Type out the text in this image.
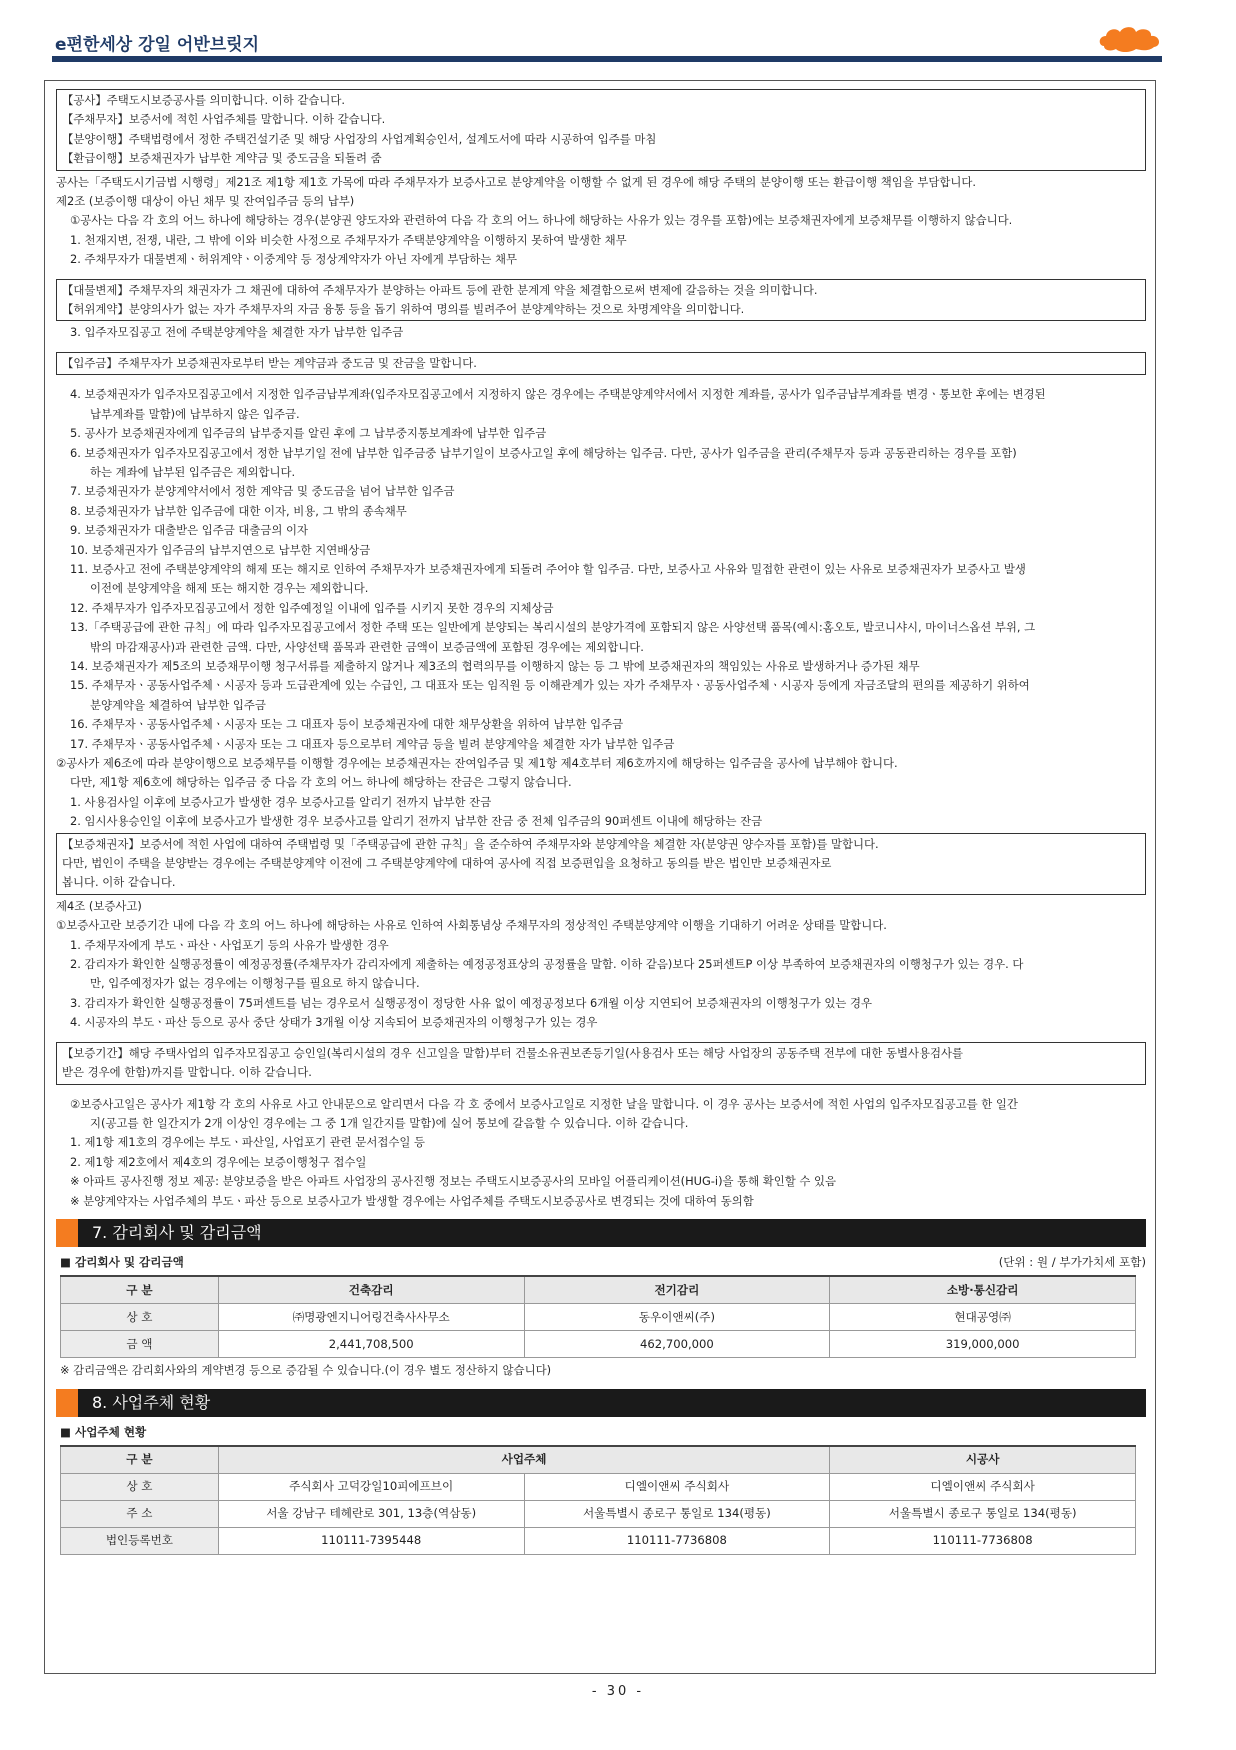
e편한세상 강일 어반브릿지
【공사】주택도시보증공사를 의미합니다. 이하 같습니다.
【주채무자】보증서에 적힌 사업주체를 말합니다. 이하 같습니다.
【분양이행】주택법령에서 정한 주택건설기준 및 해당 사업장의 사업계획승인서, 설계도서에 따라 시공하여 입주를 마침
【환급이행】보증채권자가 납부한 계약금 및 중도금을 되돌려 줌
공사는「주택도시기금법 시행령」제21조 제1항 제1호 가목에 따라 주채무자가 보증사고로 분양계약을 이행할 수 없게 된 경우에 해당 주택의 분양이행 또는 환급이행 책임을 부담합니다.
제2조 (보증이행 대상이 아닌 채무 및 잔여입주금 등의 납부)
①공사는 다음 각 호의 어느 하나에 해당하는 경우(분양권 양도자와 관련하여 다음 각 호의 어느 하나에 해당하는 사유가 있는 경우를 포함)에는 보증채권자에게 보증채무를 이행하지 않습니다.
1. 천재지변, 전쟁, 내란, 그 밖에 이와 비슷한 사정으로 주채무자가 주택분양계약을 이행하지 못하여 발생한 채무
2. 주채무자가 대물변제ㆍ허위계약ㆍ이중계약 등 정상계약자가 아닌 자에게 부담하는 채무
【대물변제】주채무자의 채권자가 그 채권에 대하여 주채무자가 분양하는 아파트 등에 관한 분계계 약을 체결함으로써 변제에 갈음하는 것을 의미합니다.
【허위계약】분양의사가 없는 자가 주채무자의 자금 융통 등을 돕기 위하여 명의를 빌려주어 분양계약하는 것으로 차명계약을 의미합니다.
3. 입주자모집공고 전에 주택분양계약을 체결한 자가 납부한 입주금
【입주금】주채무자가 보증채권자로부터 받는 계약금과 중도금 및 잔금을 말합니다.
4. 보증채권자가 입주자모집공고에서 지정한 입주금납부계좌(입주자모집공고에서 지정하지 않은 경우에는 주택분양계약서에서 지정한 계좌를, 공사가 입주금납부계좌를 변경ㆍ통보한 후에는 변경된
납부계좌를 말함)에 납부하지 않은 입주금.
5. 공사가 보증채권자에게 입주금의 납부중지를 알린 후에 그 납부중지통보계좌에 납부한 입주금
6. 보증채권자가 입주자모집공고에서 정한 납부기일 전에 납부한 입주금중 납부기일이 보증사고일 후에 해당하는 입주금. 다만, 공사가 입주금을 관리(주채무자 등과 공동관리하는 경우를 포함)
하는 계좌에 납부된 입주금은 제외합니다.
7. 보증채권자가 분양계약서에서 정한 계약금 및 중도금을 넘어 납부한 입주금
8. 보증채권자가 납부한 입주금에 대한 이자, 비용, 그 밖의 종속채무
9. 보증채권자가 대출받은 입주금 대출금의 이자
10. 보증채권자가 입주금의 납부지연으로 납부한 지연배상금
11. 보증사고 전에 주택분양계약의 해제 또는 해지로 인하여 주채무자가 보증채권자에게 되돌려 주어야 할 입주금. 다만, 보증사고 사유와 밀접한 관련이 있는 사유로 보증채권자가 보증사고 발생
이전에 분양계약을 해제 또는 해지한 경우는 제외합니다.
12. 주채무자가 입주자모집공고에서 정한 입주예정일 이내에 입주를 시키지 못한 경우의 지체상금
13.「주택공급에 관한 규칙」에 따라 입주자모집공고에서 정한 주택 또는 일반에게 분양되는 복리시설의 분양가격에 포함되지 않은 사양선택 품목(예시:홈오토, 발코니샤시, 마이너스옵션 부위, 그
밖의 마감재공사)과 관련한 금액. 다만, 사양선택 품목과 관련한 금액이 보증금액에 포함된 경우에는 제외합니다.
14. 보증채권자가 제5조의 보증채무이행 청구서류를 제출하지 않거나 제3조의 협력의무를 이행하지 않는 등 그 밖에 보증채권자의 책임있는 사유로 발생하거나 증가된 채무
15. 주채무자ㆍ공동사업주체ㆍ시공자 등과 도급관계에 있는 수급인, 그 대표자 또는 임직원 등 이해관계가 있는 자가 주채무자ㆍ공동사업주체ㆍ시공자 등에게 자금조달의 편의를 제공하기 위하여
분양계약을 체결하여 납부한 입주금
16. 주채무자ㆍ공동사업주체ㆍ시공자 또는 그 대표자 등이 보증채권자에 대한 채무상환을 위하여 납부한 입주금
17. 주채무자ㆍ공동사업주체ㆍ시공자 또는 그 대표자 등으로부터 계약금 등을 빌려 분양계약을 체결한 자가 납부한 입주금
②공사가 제6조에 따라 분양이행으로 보증채무를 이행할 경우에는 보증채권자는 잔여입주금 및 제1항 제4호부터 제6호까지에 해당하는 입주금을 공사에 납부해야 합니다.
다만, 제1항 제6호에 해당하는 입주금 중 다음 각 호의 어느 하나에 해당하는 잔금은 그렇지 않습니다.
1. 사용검사일 이후에 보증사고가 발생한 경우 보증사고를 알리기 전까지 납부한 잔금
2. 임시사용승인일 이후에 보증사고가 발생한 경우 보증사고를 알리기 전까지 납부한 잔금 중 전체 입주금의 90퍼센트 이내에 해당하는 잔금
【보증채권자】보증서에 적힌 사업에 대하여 주택법령 및「주택공급에 관한 규칙」을 준수하여 주채무자와 분양계약을 체결한 자(분양권 양수자를 포함)를 말합니다.
다만, 법인이 주택을 분양받는 경우에는 주택분양계약 이전에 그 주택분양계약에 대하여 공사에 직접 보증편입을 요청하고 동의를 받은 법인만 보증채권자로
봅니다. 이하 같습니다.
제4조 (보증사고)
①보증사고란 보증기간 내에 다음 각 호의 어느 하나에 해당하는 사유로 인하여 사회통념상 주채무자의 정상적인 주택분양계약 이행을 기대하기 어려운 상태를 말합니다.
1. 주채무자에게 부도ㆍ파산ㆍ사업포기 등의 사유가 발생한 경우
2. 감리자가 확인한 실행공정률이 예정공정률(주채무자가 감리자에게 제출하는 예정공정표상의 공정률을 말함. 이하 같음)보다 25퍼센트P 이상 부족하여 보증채권자의 이행청구가 있는 경우. 다
만, 입주예정자가 없는 경우에는 이행청구를 필요로 하지 않습니다.
3. 감리자가 확인한 실행공정률이 75퍼센트를 넘는 경우로서 실행공정이 정당한 사유 없이 예정공정보다 6개월 이상 지연되어 보증채권자의 이행청구가 있는 경우
4. 시공자의 부도ㆍ파산 등으로 공사 중단 상태가 3개월 이상 지속되어 보증채권자의 이행청구가 있는 경우
【보증기간】해당 주택사업의 입주자모집공고 승인일(복리시설의 경우 신고일을 말함)부터 건물소유권보존등기일(사용검사 또는 해당 사업장의 공동주택 전부에 대한 동별사용검사를
받은 경우에 한함)까지를 말합니다. 이하 같습니다.
②보증사고일은 공사가 제1항 각 호의 사유로 사고 안내문으로 알리면서 다음 각 호 중에서 보증사고일로 지정한 날을 말합니다. 이 경우 공사는 보증서에 적힌 사업의 입주자모집공고를 한 일간
지(공고를 한 일간지가 2개 이상인 경우에는 그 중 1개 일간지를 말함)에 실어 통보에 갈음할 수 있습니다. 이하 같습니다.
1. 제1항 제1호의 경우에는 부도ㆍ파산일, 사업포기 관련 문서접수일 등
2. 제1항 제2호에서 제4호의 경우에는 보증이행청구 접수일
※ 아파트 공사진행 정보 제공: 분양보증을 받은 아파트 사업장의 공사진행 정보는 주택도시보증공사의 모바일 어플리케이션(HUG-i)을 통해 확인할 수 있음
※ 분양계약자는 사업주체의 부도ㆍ파산 등으로 보증사고가 발생할 경우에는 사업주체를 주택도시보증공사로 변경되는 것에 대하여 동의함
7. 감리회사 및 감리금액
■ 감리회사 및 감리금액	(단위 : 원 / 부가가치세 포함)
구 분	건축감리	전기감리	소방·통신감리
상 호	㈜명광엔지니어링건축사사무소	동우이앤씨(주)	현대공영㈜
금 액	2,441,708,500	462,700,000	319,000,000
※ 감리금액은 감리회사와의 계약변경 등으로 증감될 수 있습니다.(이 경우 별도 정산하지 않습니다)
8. 사업주체 현황
■ 사업주체 현황
구 분	사업주체		시공사
상 호	주식회사 고덕강일10피에프브이	디엘이앤씨 주식회사	디엘이앤씨 주식회사
주 소	서울 강남구 테헤란로 301, 13층(역삼동)	서울특별시 종로구 통일로 134(평동)	서울특별시 종로구 통일로 134(평동)
법인등록번호	110111-7395448	110111-7736808	110111-7736808
- 30 -
